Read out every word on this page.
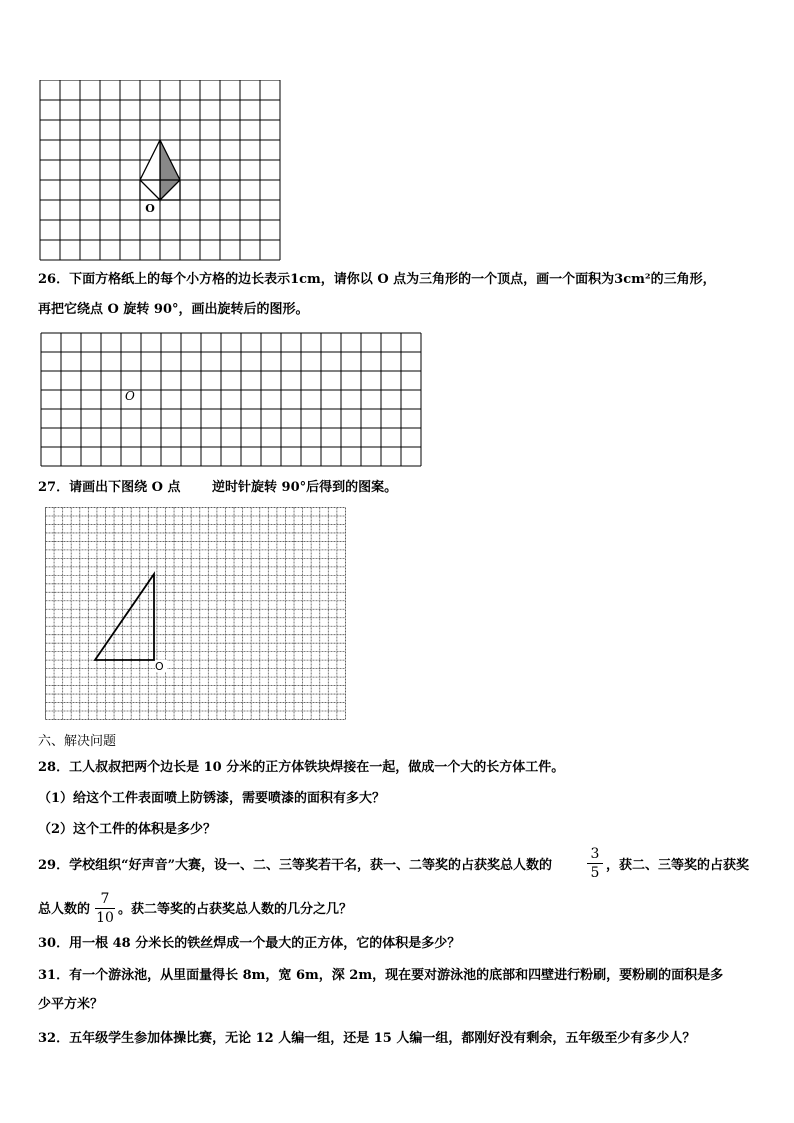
O
26．下面方格纸上的每个小方格的边长表示1cm，请你以 O 点为三角形的一个顶点，画一个面积为3cm²的三角形，
再把它绕点 O 旋转 90°，画出旋转后的图形。
O
27．请画出下图绕 O 点 逆时针旋转 90°后得到的图案。
O
六、解决问题
28．工人叔叔把两个边长是 10 分米的正方体铁块焊接在一起，做成一个大的长方体工件。
（1）给这个工件表面喷上防锈漆，需要喷漆的面积有多大？
（2）这个工件的体积是多少？
29．学校组织“好声音”大赛，设一、二、三等奖若干名，获一、二等奖的占获奖总人数的
3
5 ，获二、三等奖的占获奖
总人数的
7
10
。获二等奖的占获奖总人数的几分之几？
30．用一根 48 分米长的铁丝焊成一个最大的正方体，它的体积是多少？
31．有一个游泳池，从里面量得长 8m，宽 6m，深 2m，现在要对游泳池的底部和四壁进行粉刷，要粉刷的面积是多
少平方米？
32．五年级学生参加体操比赛，无论 12 人编一组，还是 15 人编一组，都刚好没有剩余，五年级至少有多少人？
